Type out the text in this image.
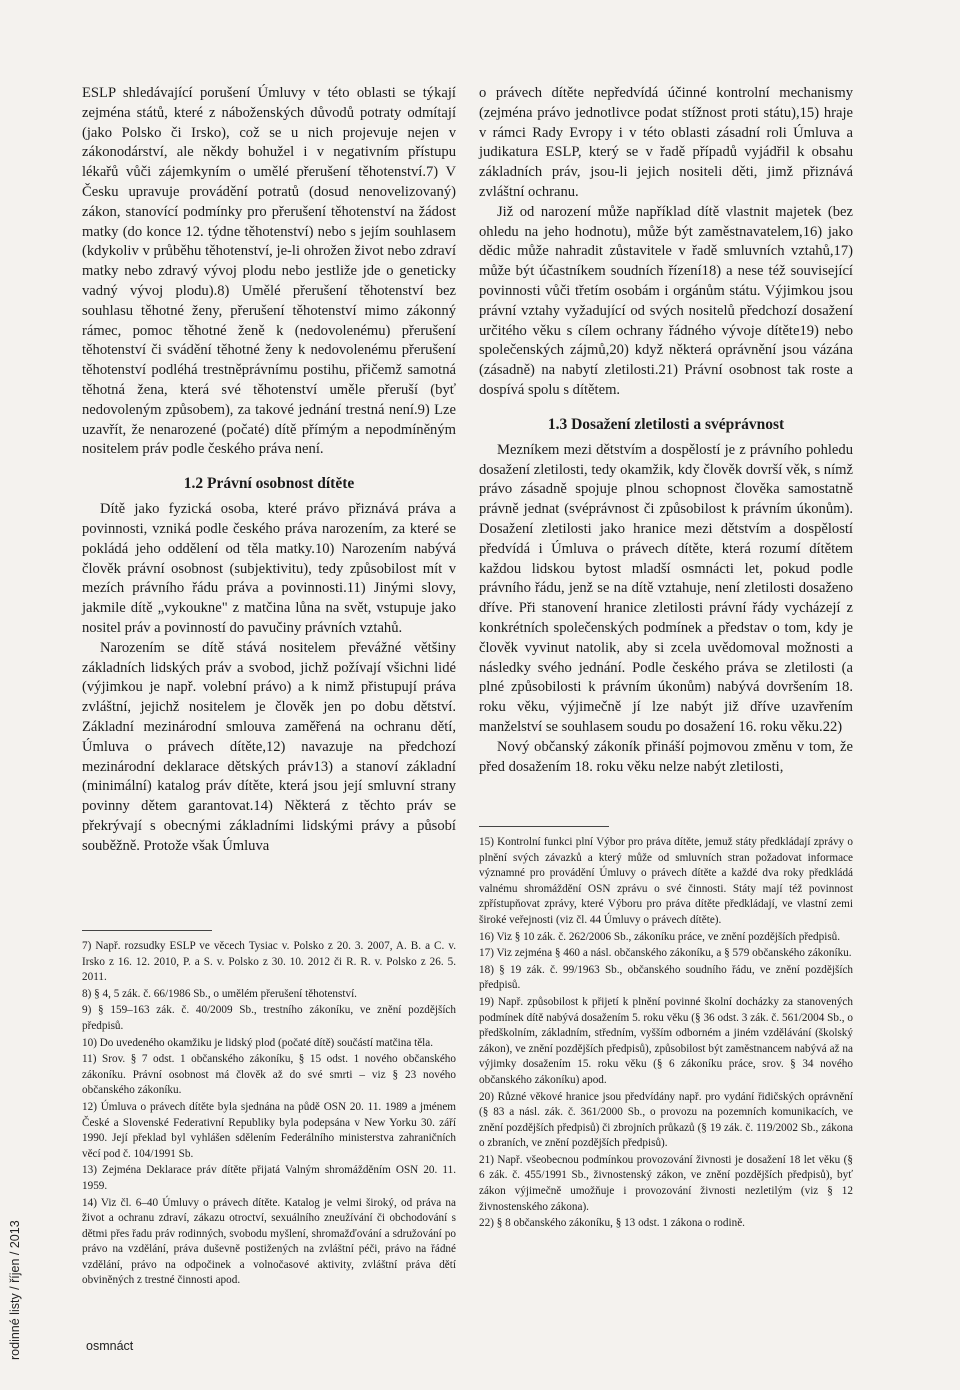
rodinné listy / říjen / 2013

ESLP shledávající porušení Úmluvy v této oblasti se týkají zejména států, které z náboženských důvodů potraty odmítají (jako Polsko či Irsko), což se u nich projevuje nejen v zákonodárství, ale někdy bohužel i v negativním přístupu lékařů vůči zájemkyním o umělé přerušení těhotenství.7) V Česku upravuje provádění potratů (dosud nenovelizovaný) zákon, stanovící podmínky pro přerušení těhotenství na žádost matky (do konce 12. týdne těhotenství) nebo s jejím souhlasem (kdykoliv v průběhu těhotenství, je-li ohrožen život nebo zdraví matky nebo zdravý vývoj plodu nebo jestliže jde o geneticky vadný vývoj plodu).8) Umělé přerušení těhotenství bez souhlasu těhotné ženy, přerušení těhotenství mimo zákonný rámec, pomoc těhotné ženě k (nedovolenému) přerušení těhotenství či svádění těhotné ženy k nedovolenému přerušení těhotenství podléhá trestněprávnímu postihu, přičemž samotná těhotná žena, která své těhotenství uměle přeruší (byť nedovoleným způsobem), za takové jednání trestná není.9) Lze uzavřít, že nenarozené (počaté) dítě přímým a nepodmíněným nositelem práv podle českého práva není.

1.2 Právní osobnost dítěte

Dítě jako fyzická osoba, které právo přiznává práva a povinnosti, vzniká podle českého práva narozením, za které se pokládá jeho oddělení od těla matky.10) Narozením nabývá člověk právní osobnost (subjektivitu), tedy způsobilost mít v mezích právního řádu práva a povinnosti.11) Jinými slovy, jakmile dítě „vykoukne" z matčina lůna na svět, vstupuje jako nositel práv a povinností do pavučiny právních vztahů.

Narozením se dítě stává nositelem převážné většiny základních lidských práv a svobod, jichž požívají všichni lidé (výjimkou je např. volební právo) a k nimž přistupují práva zvláštní, jejichž nositelem je člověk jen po dobu dětství. Základní mezinárodní smlouva zaměřená na ochranu dětí, Úmluva o právech dítěte,12) navazuje na předchozí mezinárodní deklarace dětských práv13) a stanoví základní (minimální) katalog práv dítěte, která jsou její smluvní strany povinny dětem garantovat.14) Některá z těchto práv se překrývají s obecnými základními lidskými právy a působí souběžně. Protože však Úmluva

o právech dítěte nepředvídá účinné kontrolní mechanismy (zejména právo jednotlivce podat stížnost proti státu),15) hraje v rámci Rady Evropy i v této oblasti zásadní roli Úmluva a judikatura ESLP, který se v řadě případů vyjádřil k obsahu základních práv, jsou-li jejich nositeli děti, jimž přiznává zvláštní ochranu.

Již od narození může například dítě vlastnit majetek (bez ohledu na jeho hodnotu), může být zaměstnavatelem,16) jako dědic může nahradit zůstavitele v řadě smluvních vztahů,17) může být účastníkem soudních řízení18) a nese též související povinnosti vůči třetím osobám i orgánům státu. Výjimkou jsou právní vztahy vyžadující od svých nositelů předchozí dosažení určitého věku s cílem ochrany řádného vývoje dítěte19) nebo společenských zájmů,20) když některá oprávnění jsou vázána (zásadně) na nabytí zletilosti.21) Právní osobnost tak roste a dospívá spolu s dítětem.

1.3 Dosažení zletilosti a svéprávnost

Mezníkem mezi dětstvím a dospělostí je z právního pohledu dosažení zletilosti, tedy okamžik, kdy člověk dovrší věk, s nímž právo zásadně spojuje plnou schopnost člověka samostatně právně jednat (svéprávnost či způsobilost k právním úkonům). Dosažení zletilosti jako hranice mezi dětstvím a dospělostí předvídá i Úmluva o právech dítěte, která rozumí dítětem každou lidskou bytost mladší osmnácti let, pokud podle právního řádu, jenž se na dítě vztahuje, není zletilosti dosaženo dříve. Při stanovení hranice zletilosti právní řády vycházejí z konkrétních společenských podmínek a představ o tom, kdy je člověk vyvinut natolik, aby si zcela uvědomoval možnosti a následky svého jednání. Podle českého práva se zletilosti (a plné způsobilosti k právním úkonům) nabývá dovršením 18. roku věku, výjimečně jí lze nabýt již dříve uzavřením manželství se souhlasem soudu po dosažení 16. roku věku.22)

Nový občanský zákoník přináší pojmovou změnu v tom, že před dosažením 18. roku věku nelze nabýt zletilosti,

7) Např. rozsudky ESLP ve věcech Tysiac v. Polsko z 20. 3. 2007, A. B. a C. v. Irsko z 16. 12. 2010, P. a S. v. Polsko z 30. 10. 2012 či R. R. v. Polsko z 26. 5. 2011.

8) § 4, 5 zák. č. 66/1986 Sb., o umělém přerušení těhotenství.

9) § 159–163 zák. č. 40/2009 Sb., trestního zákoníku, ve znění pozdějších předpisů.

10) Do uvedeného okamžiku je lidský plod (počaté dítě) součástí matčina těla.

11) Srov. § 7 odst. 1 občanského zákoníku, § 15 odst. 1 nového občanského zákoníku. Právní osobnost má člověk až do své smrti – viz § 23 nového občanského zákoníku.

12) Úmluva o právech dítěte byla sjednána na půdě OSN 20. 11. 1989 a jménem České a Slovenské Federativní Republiky byla podepsána v New Yorku 30. září 1990. Její překlad byl vyhlášen sdělením Federálního ministerstva zahraničních věcí pod č. 104/1991 Sb.

13) Zejména Deklarace práv dítěte přijatá Valným shromážděním OSN 20. 11. 1959.

14) Viz čl. 6–40 Úmluvy o právech dítěte. Katalog je velmi široký, od práva na život a ochranu zdraví, zákazu otroctví, sexuálního zneužívání či obchodování s dětmi přes řadu práv rodinných, svobodu myšlení, shromažďování a sdružování po právo na vzdělání, práva duševně postižených na zvláštní péči, právo na řádné vzdělání, právo na odpočinek a volnočasové aktivity, zvláštní práva dětí obviněných z trestné činnosti apod.

15) Kontrolní funkci plní Výbor pro práva dítěte, jemuž státy předkládají zprávy o plnění svých závazků a který může od smluvních stran požadovat informace významné pro provádění Úmluvy o právech dítěte a každé dva roky předkládá valnému shromáždění OSN zprávu o své činnosti. Státy mají též povinnost zpřístupňovat zprávy, které Výboru pro práva dítěte předkládají, ve vlastní zemi široké veřejnosti (viz čl. 44 Úmluvy o právech dítěte).

16) Viz § 10 zák. č. 262/2006 Sb., zákoníku práce, ve znění pozdějších předpisů.

17) Viz zejména § 460 a násl. občanského zákoníku, a § 579 občanského zákoníku.

18) § 19 zák. č. 99/1963 Sb., občanského soudního řádu, ve znění pozdějších předpisů.

19) Např. způsobilost k přijetí k plnění povinné školní docházky za stanovených podmínek dítě nabývá dosažením 5. roku věku (§ 36 odst. 3 zák. č. 561/2004 Sb., o předškolním, základním, středním, vyšším odborném a jiném vzdělávání (školský zákon), ve znění pozdějších předpisů), způsobilost být zaměstnancem nabývá až na výjimky dosažením 15. roku věku (§ 6 zákoníku práce, srov. § 34 nového občanského zákoníku) apod.

20) Různé věkové hranice jsou předvídány např. pro vydání řidičských oprávnění (§ 83 a násl. zák. č. 361/2000 Sb., o provozu na pozemních komunikacích, ve znění pozdějších předpisů) či zbrojních průkazů (§ 19 zák. č. 119/2002 Sb., zákona o zbraních, ve znění pozdějších předpisů).

21) Např. všeobecnou podmínkou provozování živnosti je dosažení 18 let věku (§ 6 zák. č. 455/1991 Sb., živnostenský zákon, ve znění pozdějších předpisů), byť zákon výjimečně umožňuje i provozování živnosti nezletilým (viz § 12 živnostenského zákona).

22) § 8 občanského zákoníku, § 13 odst. 1 zákona o rodině.

osmnáct
